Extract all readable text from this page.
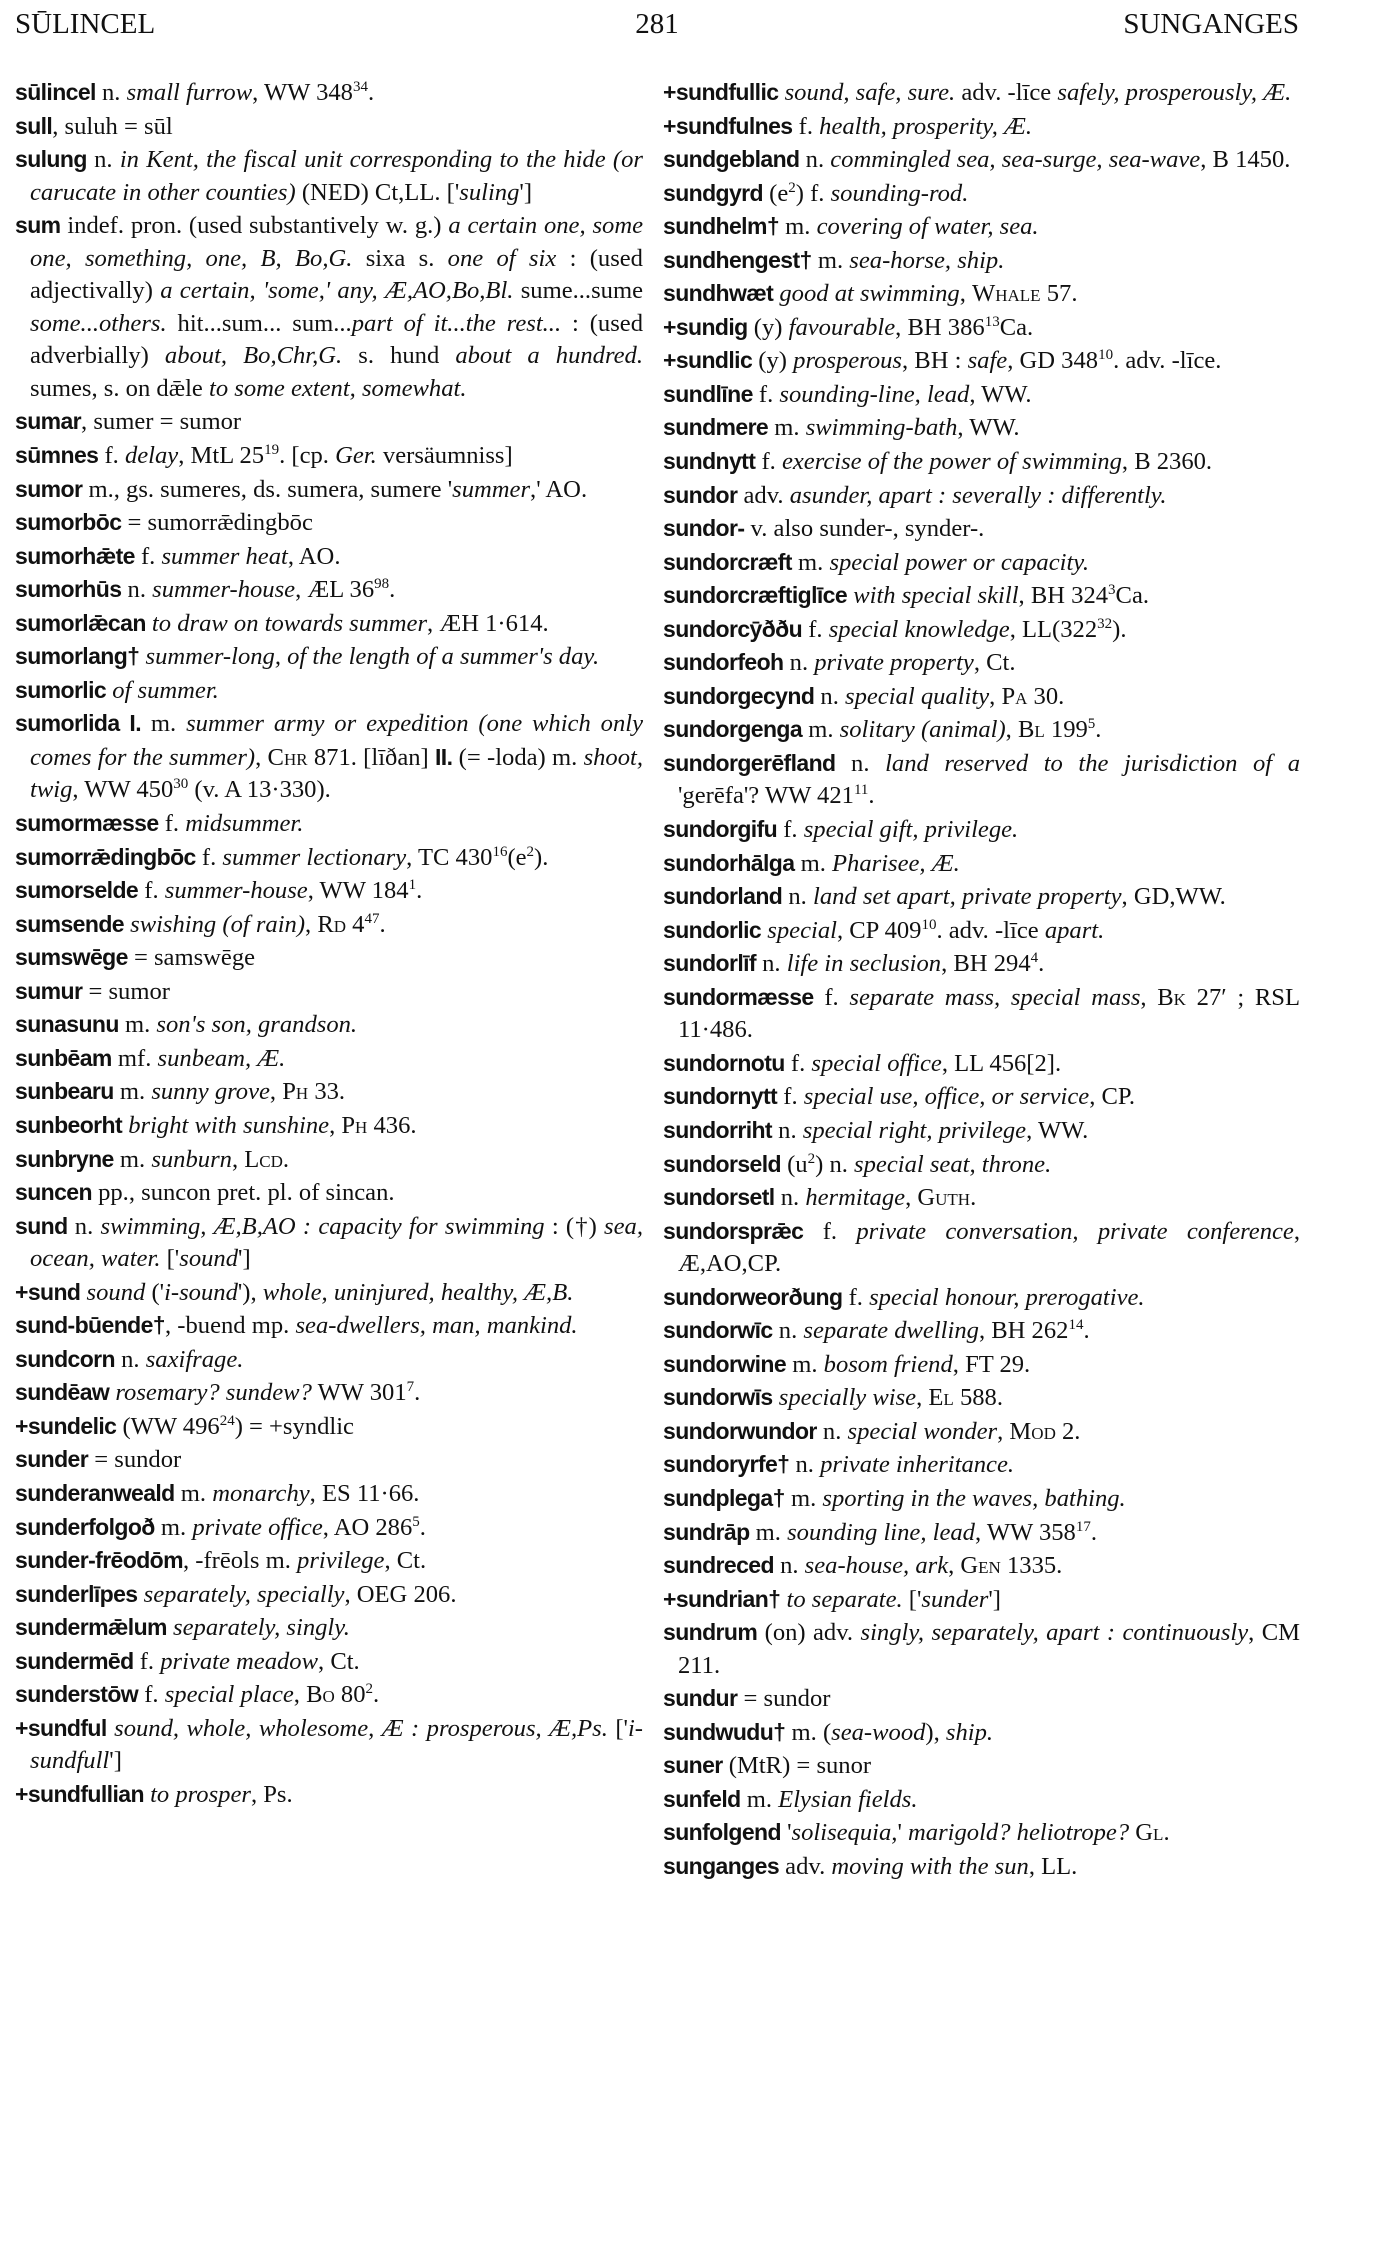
SŪLINCEL	281	SUNGANGES
sūlincel n. small furrow, WW $348^{34}$.
sull, suluh = sūl
sulung n. in Kent, the fiscal unit corresponding to the hide (or carucate in other counties) (NED) Ct,LL. ['suling']
sum indef. pron. (used substantively w. g.) a certain one, some one, something, one, B, Bo,G. sixa s. one of six : (used adjectivally) a certain, 'some,' any, Æ,AO,Bo,Bl. sume...sume some...others. hit...sum... sum...part of it...the rest... : (used adverbially) about, Bo,Chr,G. s. hund about a hundred. sumes, s. on dǣle to some extent, somewhat.
sumar, sumer = sumor
sūmnes f. delay, MtL $25^{19}$. [cp. Ger. versäumniss]
sumor m., gs. sumeres, ds. sumera, sumere 'summer,' AO.
sumorbōc = sumorrǣdingbōc
sumorhǣte f. summer heat, AO.
sumorhūs n. summer-house, ÆL $36^{98}$.
sumorlǣcan to draw on towards summer, ÆH 1·614.
sumorlang† summer-long, of the length of a summer's day.
sumorlic of summer.
sumorlida I. m. summer army or expedition (one which only comes for the summer), Chr 871. [līðan] II. (= -loda) m. shoot, twig, WW $450^{30}$ (v. A 13·330).
sumormæsse f. midsummer.
sumorrǣdingbōc f. summer lectionary, TC $430^{16}(e^2)$.
sumorselde f. summer-house, WW $184^1$.
sumsende swishing (of rain), Rd $4^{47}$.
sumswēge = samswēge
sumur = sumor
sunasunu m. son's son, grandson.
sunbēam mf. sunbeam, Æ.
sunbearu m. sunny grove, Ph 33.
sunbeorht bright with sunshine, Ph 436.
sunbryne m. sunburn, Lcd.
suncen pp., suncon pret. pl. of sincan.
sund n. swimming, Æ,B,AO : capacity for swimming : (†) sea, ocean, water. ['sound']
+sund sound ('i-sound'), whole, uninjured, healthy, Æ,B.
sund-būende†, -buend mp. sea-dwellers, man, mankind.
sundcorn n. saxifrage.
sundēaw rosemary? sundew? WW $301^7$.
+sundelic (WW $496^{24}$) = +syndlic
sunder = sundor
sunderanweald m. monarchy, ES 11·66.
sunderfolgoð m. private office, AO $286^5$.
sunder-frēodōm, -frēols m. privilege, Ct.
sunderlīpes separately, specially, OEG 206.
sundermǣlum separately, singly.
sundermēd f. private meadow, Ct.
sunderstōw f. special place, Bo $80^2$.
+sundful sound, whole, wholesome, Æ : prosperous, Æ,Ps. ['i-sundfull']
+sundfullian to prosper, Ps.
+sundfullic sound, safe, sure. adv. -līce safely, prosperously, Æ.
+sundfulnes f. health, prosperity, Æ.
sundgebland n. commingled sea, sea-surge, sea-wave, B 1450.
sundgyrd $(e^2)$ f. sounding-rod.
sundhelm† m. covering of water, sea.
sundhengest† m. sea-horse, ship.
sundhwæt good at swimming, Whale 57.
+sundig (y) favourable, BH $386^{13}Ca$.
+sundlic (y) prosperous, BH : safe, GD $348^{10}$. adv. -līce.
sundlīne f. sounding-line, lead, WW.
sundmere m. swimming-bath, WW.
sundnytt f. exercise of the power of swimming, B 2360.
sundor adv. asunder, apart : severally : differently.
sundor- v. also sunder-, synder-.
sundorcræft m. special power or capacity.
sundorcræftiglīce with special skill, BH $324^3Ca$.
sundorcȳððu f. special knowledge, $LL(322^{32})$.
sundorfeoh n. private property, Ct.
sundorgecynd n. special quality, Pa 30.
sundorgenga m. solitary (animal), Bl $199^5$.
sundorgerēfland n. land reserved to the jurisdiction of a 'gerēfa'? WW $421^{11}$.
sundorgifu f. special gift, privilege.
sundorhālga m. Pharisee, Æ.
sundorland n. land set apart, private property, GD,WW.
sundorlic special, CP $409^{10}$. adv. -līce apart.
sundorlīf n. life in seclusion, BH $294^4$.
sundormæsse f. separate mass, special mass, Bk 27′ ; RSL 11·486.
sundornotu f. special office, LL 456[2].
sundornytt f. special use, office, or service, CP.
sundorriht n. special right, privilege, WW.
sundorseld $(u^2)$ n. special seat, throne.
sundorsetl n. hermitage, Guth.
sundorsprǣc f. private conversation, private conference, Æ,AO,CP.
sundorweorðung f. special honour, prerogative.
sundorwīc n. separate dwelling, BH $262^{14}$.
sundorwine m. bosom friend, FT 29.
sundorwīs specially wise, El 588.
sundorwundor n. special wonder, Mod 2.
sundoryrfe† n. private inheritance.
sundplega† m. sporting in the waves, bathing.
sundrāp m. sounding line, lead, WW $358^{17}$.
sundreced n. sea-house, ark, Gen 1335.
+sundrian† to separate. ['sunder']
sundrum (on) adv. singly, separately, apart : continuously, CM 211.
sundur = sundor
sundwudu† m. (sea-wood), ship.
suner (MtR) = sunor
sunfeld m. Elysian fields.
sunfolgend 'solisequia,' marigold? heliotrope? Gl.
sunganges adv. moving with the sun, LL.
